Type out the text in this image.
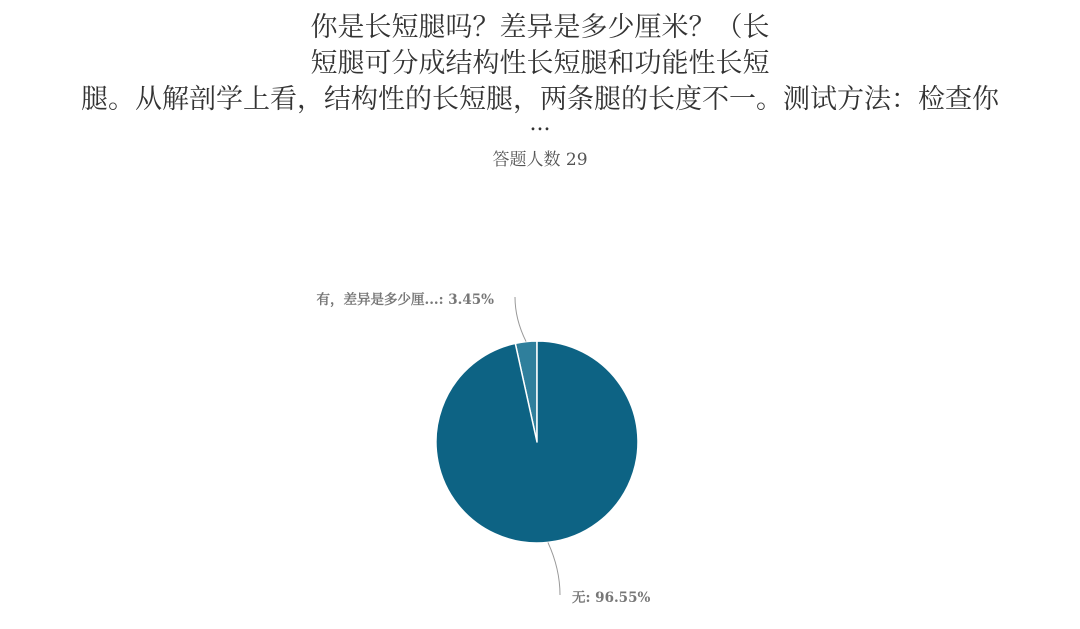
你是长短腿吗？差异是多少厘米？（长
短腿可分成结构性长短腿和功能性长短
腿。从解剖学上看，结构性的长短腿，两条腿的长度不一。测试方法：检查你
...
答题人数 29
有，差异是多少厘...: 3.45%
无: 96.55%
